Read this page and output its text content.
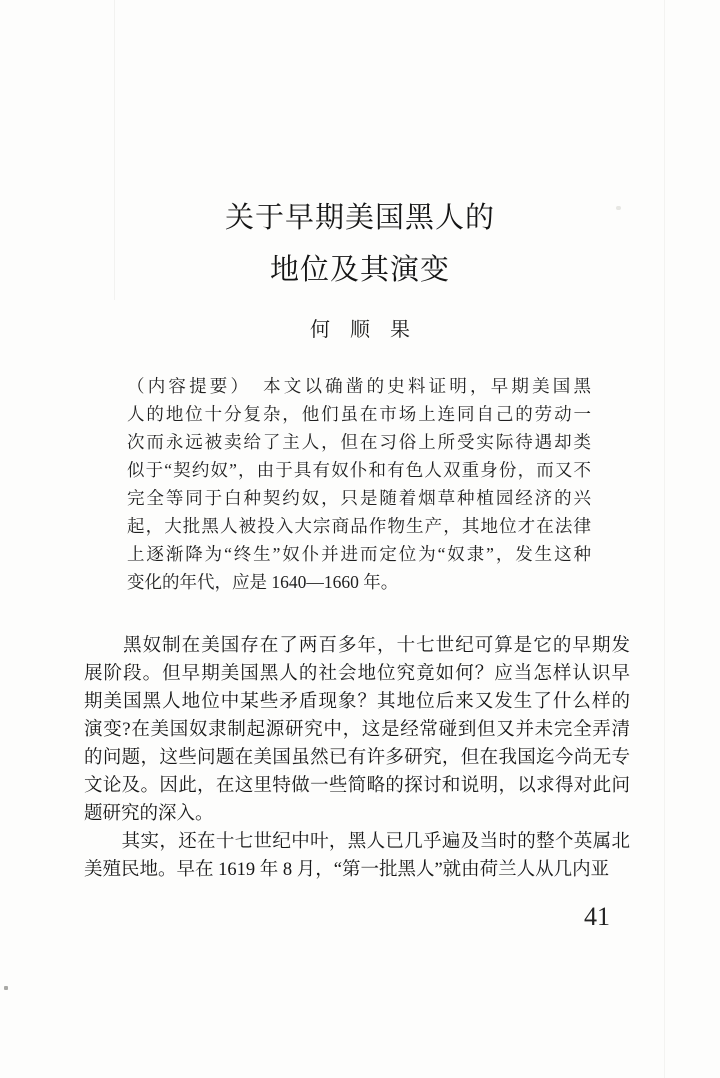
关于早期美国黑人的
地位及其演变
何　顺　果
（内容提要）　本文以确凿的史料证明，早期美国黑
人的地位十分复杂，他们虽在市场上连同自己的劳动一
次而永远被卖给了主人，但在习俗上所受实际待遇却类
似于“契约奴”，由于具有奴仆和有色人双重身份，而又不
完全等同于白种契约奴，只是随着烟草种植园经济的兴
起，大批黑人被投入大宗商品作物生产，其地位才在法律
上逐渐降为“终生”奴仆并进而定位为“奴隶”，发生这种
变化的年代，应是 1640—1660 年。
　　黑奴制在美国存在了两百多年，十七世纪可算是它的早期发
展阶段。但早期美国黑人的社会地位究竟如何？应当怎样认识早
期美国黑人地位中某些矛盾现象？其地位后来又发生了什么样的
演变?在美国奴隶制起源研究中，这是经常碰到但又并未完全弄清
的问题，这些问题在美国虽然已有许多研究，但在我国迄今尚无专
文论及。因此，在这里特做一些简略的探讨和说明，以求得对此问
题研究的深入。
　　其实，还在十七世纪中叶，黑人已几乎遍及当时的整个英属北
美殖民地。早在 1619 年 8 月，“第一批黑人”就由荷兰人从几内亚
41
